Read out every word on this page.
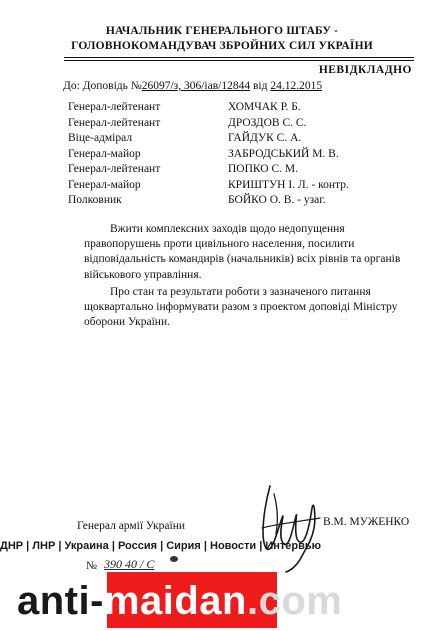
НАЧАЛЬНИК ГЕНЕРАЛЬНОГО ШТАБУ -
ГОЛОВНОКОМАНДУВАЧ ЗБРОЙНИХ СИЛ УКРАЇНИ
НЕВІДКЛАДНО
До: Доповідь №26097/з, 306/іав/12844 від 24.12.2015
Генерал-лейтенант	ХОМЧАК Р. Б.
Генерал-лейтенант	ДРОЗДОВ С. С.
Віце-адмірал	ГАЙДУК С. А.
Генерал-майор	ЗАБРОДСЬКИЙ М. В.
Генерал-лейтенант	ПОПКО С. М.
Генерал-майор	КРИШТУН І. Л. - контр.
Полковник	БОЙКО О. В. - узаг.
Вжити комплексних заходів щодо недопущення правопорушень проти цивільного населення, посилити відповідальність командирів (начальників) всіх рівнів та органів військового управління.
Про стан та результати роботи з зазначеного питання щоквартально інформувати разом з проектом доповіді Міністру оборони України.
Генерал армії України	В.М. МУЖЕНКО
ДНР | ЛНР | Украина | Россия | Сирия | Новости | Интервью
№ 390 40 / С
anti-maidan.com
